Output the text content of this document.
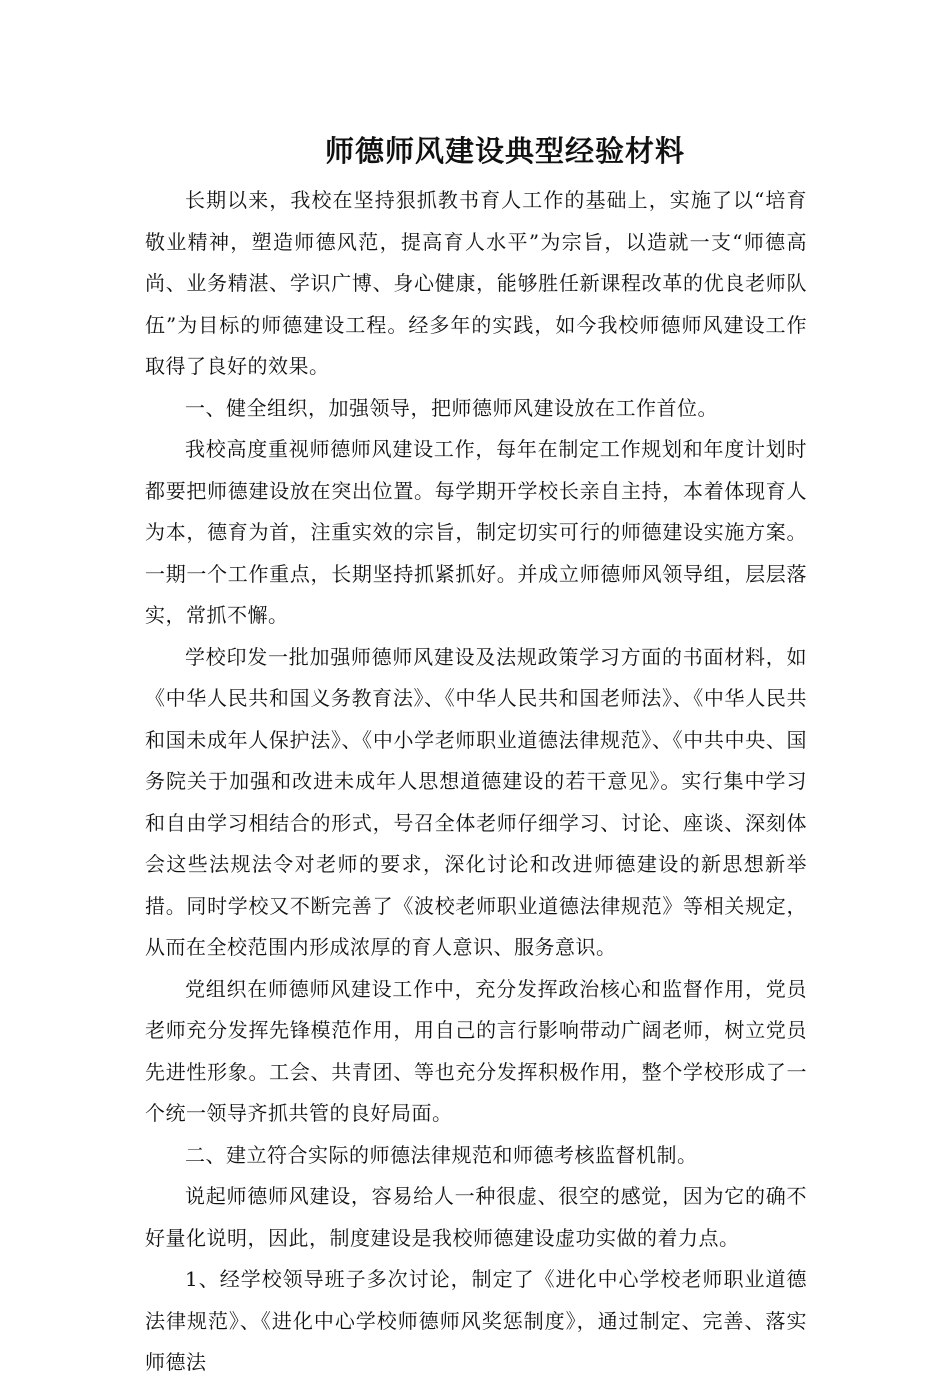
师德师风建设典型经验材料

长期以来，我校在坚持狠抓教书育人工作的基础上，实施了以“培育敬业精神，塑造师德风范，提高育人水平”为宗旨，以造就一支“师德高尚、业务精湛、学识广博、身心健康，能够胜任新课程改革的优良老师队伍”为目标的师德建设工程。经多年的实践，如今我校师德师风建设工作取得了良好的效果。

一、健全组织，加强领导，把师德师风建设放在工作首位。

我校高度重视师德师风建设工作，每年在制定工作规划和年度计划时都要把师德建设放在突出位置。每学期开学校长亲自主持，本着体现育人为本，德育为首，注重实效的宗旨，制定切实可行的师德建设实施方案。一期一个工作重点，长期坚持抓紧抓好。并成立师德师风领导组，层层落实，常抓不懈。

学校印发一批加强师德师风建设及法规政策学习方面的书面材料，如《中华人民共和国义务教育法》、《中华人民共和国老师法》、《中华人民共和国未成年人保护法》、《中小学老师职业道德法律规范》、《中共中央、国务院关于加强和改进未成年人思想道德建设的若干意见》。实行集中学习和自由学习相结合的形式，号召全体老师仔细学习、讨论、座谈、深刻体会这些法规法令对老师的要求，深化讨论和改进师德建设的新思想新举措。同时学校又不断完善了《波校老师职业道德法律规范》等相关规定，从而在全校范围内形成浓厚的育人意识、服务意识。

党组织在师德师风建设工作中，充分发挥政治核心和监督作用，党员老师充分发挥先锋模范作用，用自己的言行影响带动广阔老师，树立党员先进性形象。工会、共青团、等也充分发挥积极作用，整个学校形成了一个统一领导齐抓共管的良好局面。

二、建立符合实际的师德法律规范和师德考核监督机制。

说起师德师风建设，容易给人一种很虚、很空的感觉，因为它的确不好量化说明，因此，制度建设是我校师德建设虚功实做的着力点。

1、经学校领导班子多次讨论，制定了《进化中心学校老师职业道德法律规范》、《进化中心学校师德师风奖惩制度》，通过制定、完善、落实师德法
